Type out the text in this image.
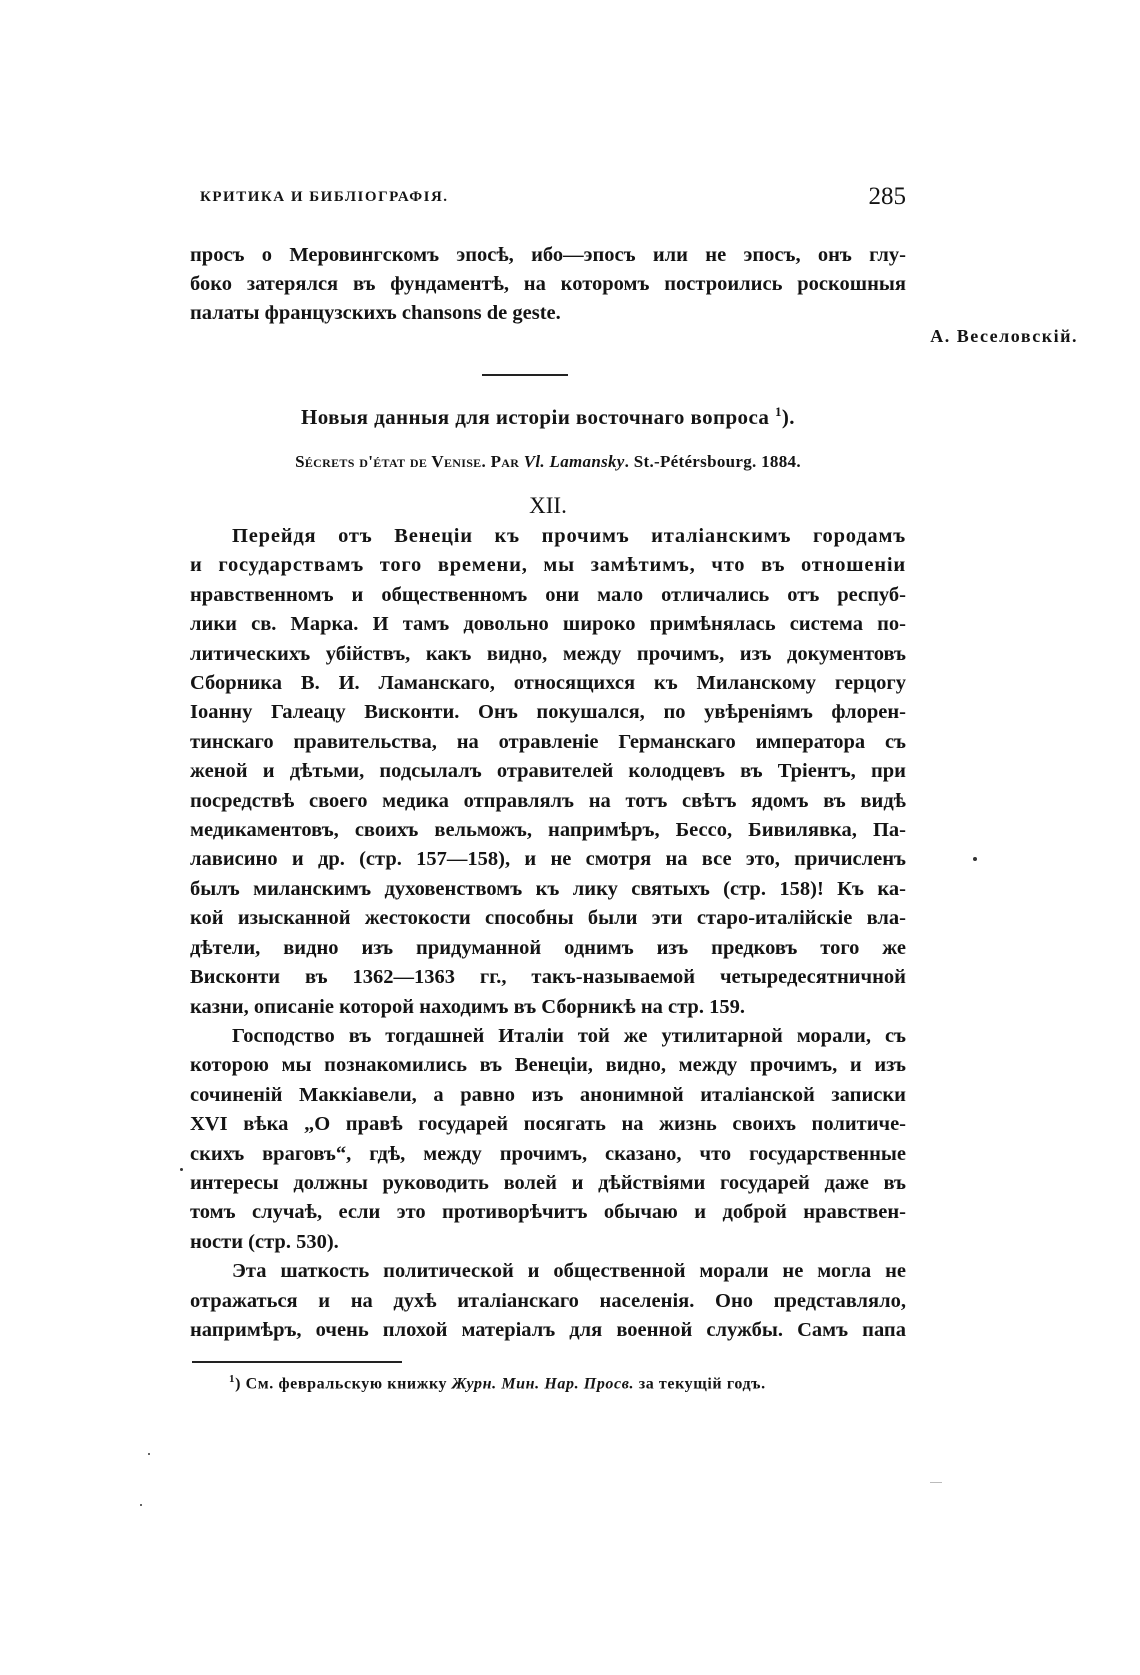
КРИТИКА И БИБЛIОГРАФIЯ.	285
просъ о Меровингскомъ эпосѣ, ибо—эпосъ или не эпосъ, онъ глу-
боко затерялся въ фундаментѣ, на которомъ построились роскошныя
палаты французскихъ chansons de geste.
А. Веселовскiй.
Новыя данныя для исторiи восточнаго вопроса $^1$).
Sécrets d'état de Venise. Par Vl. Lamansky. St.-Pétérsbourg. 1884.
XII.
Перейдя отъ Венецiи къ прочимъ италiанскимъ городамъ
и государствамъ того времени, мы замѣтимъ, что въ отношенiи
нравственномъ и общественномъ они мало отличались отъ респуб-
лики св. Марка. И тамъ довольно широко примѣнялась система по-
литическихъ убiйствъ, какъ видно, между прочимъ, изъ документовъ
Сборника В. И. Ламанскаго, относящихся къ Миланскому герцогу
Iоанну Галеацу Висконти. Онъ покушался, по увѣренiямъ флорен-
тинскаго правительства, на отравленiе Германскаго императора съ
женой и дѣтьми, подсылалъ отравителей колодцевъ въ Трiентъ, при
посредствѣ своего медика отправлялъ на тотъ свѣтъ ядомъ въ видѣ
медикаментовъ, своихъ вельможъ, напримѣръ, Бессо, Бивилявка, Па-
лависино и др. (стр. 157—158), и не смотря на все это, причисленъ
былъ миланскимъ духовенствомъ къ лику святыхъ (стр. 158)! Къ ка-
кой изысканной жестокости способны были эти старо-италiйскiе вла-
дѣтели, видно изъ придуманной однимъ изъ предковъ того же
Висконти въ 1362—1363 гг., такъ-называемой четыредесятничной
казни, описанiе которой находимъ въ Сборникѣ на стр. 159.
Господство въ тогдашней Италiи той же утилитарной морали, съ
которою мы познакомились въ Венецiи, видно, между прочимъ, и изъ
сочиненiй Маккiавели, а равно изъ анонимной италiанской записки
XVI вѣка „О правѣ государей посягать на жизнь своихъ политиче-
скихъ враговъ“, гдѣ, между прочимъ, сказано, что государственные
интересы должны руководить волей и дѣйствiями государей даже въ
томъ случаѣ, если это противорѣчитъ обычаю и доброй нравствен-
ности (стр. 530).
Эта шаткость политической и общественной морали не могла не
отражаться и на духѣ италiанскаго населенiя. Оно представляло,
напримѣръ, очень плохой матерiалъ для военной службы. Самъ папа
$^1$) См. февральскую книжку Журн. Мин. Нар. Просв. за текущiй годъ.
